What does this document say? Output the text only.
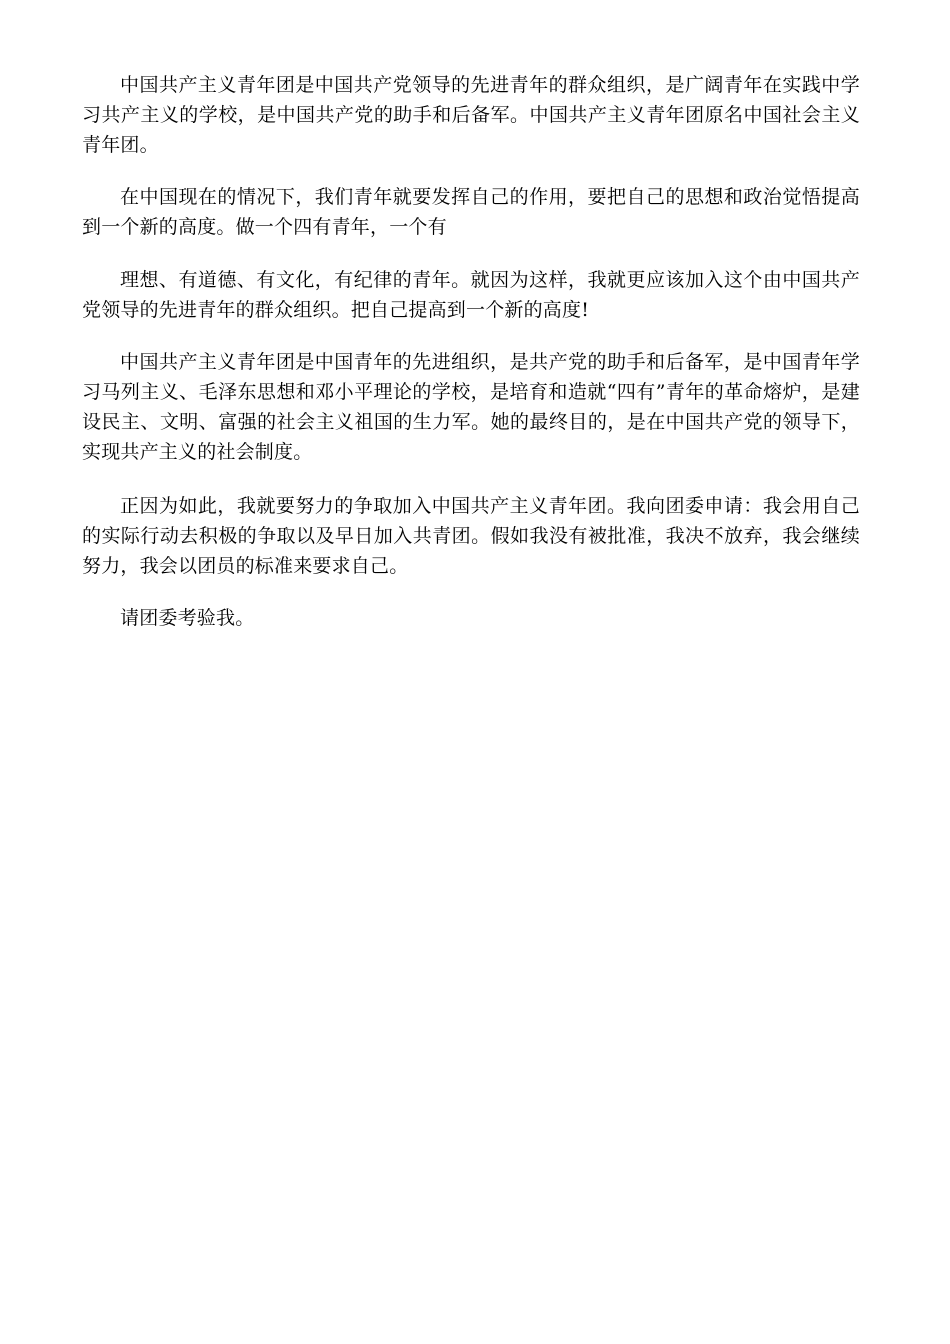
中国共产主义青年团是中国共产党领导的先进青年的群众组织，是广阔青年在实践中学习共产主义的学校，是中国共产党的助手和后备军。中国共产主义青年团原名中国社会主义青年团。

在中国现在的情况下，我们青年就要发挥自己的作用，要把自己的思想和政治觉悟提高到一个新的高度。做一个四有青年，一个有

理想、有道德、有文化，有纪律的青年。就因为这样，我就更应该加入这个由中国共产党领导的先进青年的群众组织。把自己提高到一个新的高度!

中国共产主义青年团是中国青年的先进组织，是共产党的助手和后备军，是中国青年学习马列主义、毛泽东思想和邓小平理论的学校，是培育和造就“四有”青年的革命熔炉，是建设民主、文明、富强的社会主义祖国的生力军。她的最终目的，是在中国共产党的领导下，实现共产主义的社会制度。

正因为如此，我就要努力的争取加入中国共产主义青年团。我向团委申请：我会用自己的实际行动去积极的争取以及早日加入共青团。假如我没有被批准，我决不放弃，我会继续努力，我会以团员的标准来要求自己。

请团委考验我。
